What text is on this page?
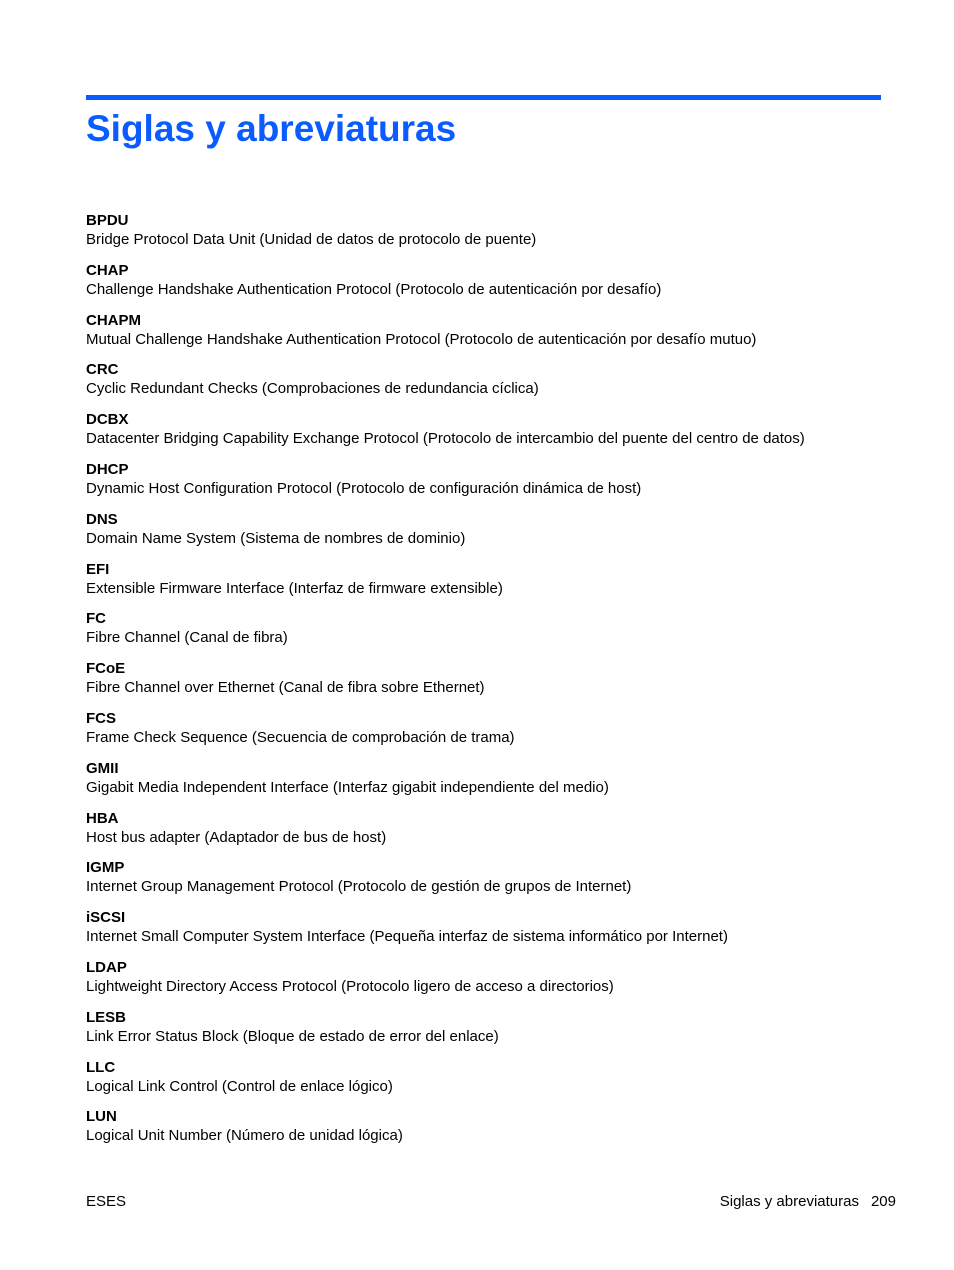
Siglas y abreviaturas
BPDU
Bridge Protocol Data Unit (Unidad de datos de protocolo de puente)
CHAP
Challenge Handshake Authentication Protocol (Protocolo de autenticación por desafío)
CHAPM
Mutual Challenge Handshake Authentication Protocol (Protocolo de autenticación por desafío mutuo)
CRC
Cyclic Redundant Checks (Comprobaciones de redundancia cíclica)
DCBX
Datacenter Bridging Capability Exchange Protocol (Protocolo de intercambio del puente del centro de datos)
DHCP
Dynamic Host Configuration Protocol (Protocolo de configuración dinámica de host)
DNS
Domain Name System (Sistema de nombres de dominio)
EFI
Extensible Firmware Interface (Interfaz de firmware extensible)
FC
Fibre Channel (Canal de fibra)
FCoE
Fibre Channel over Ethernet (Canal de fibra sobre Ethernet)
FCS
Frame Check Sequence (Secuencia de comprobación de trama)
GMII
Gigabit Media Independent Interface (Interfaz gigabit independiente del medio)
HBA
Host bus adapter (Adaptador de bus de host)
IGMP
Internet Group Management Protocol (Protocolo de gestión de grupos de Internet)
iSCSI
Internet Small Computer System Interface (Pequeña interfaz de sistema informático por Internet)
LDAP
Lightweight Directory Access Protocol (Protocolo ligero de acceso a directorios)
LESB
Link Error Status Block (Bloque de estado de error del enlace)
LLC
Logical Link Control (Control de enlace lógico)
LUN
Logical Unit Number (Número de unidad lógica)
ESES	Siglas y abreviaturas 209
